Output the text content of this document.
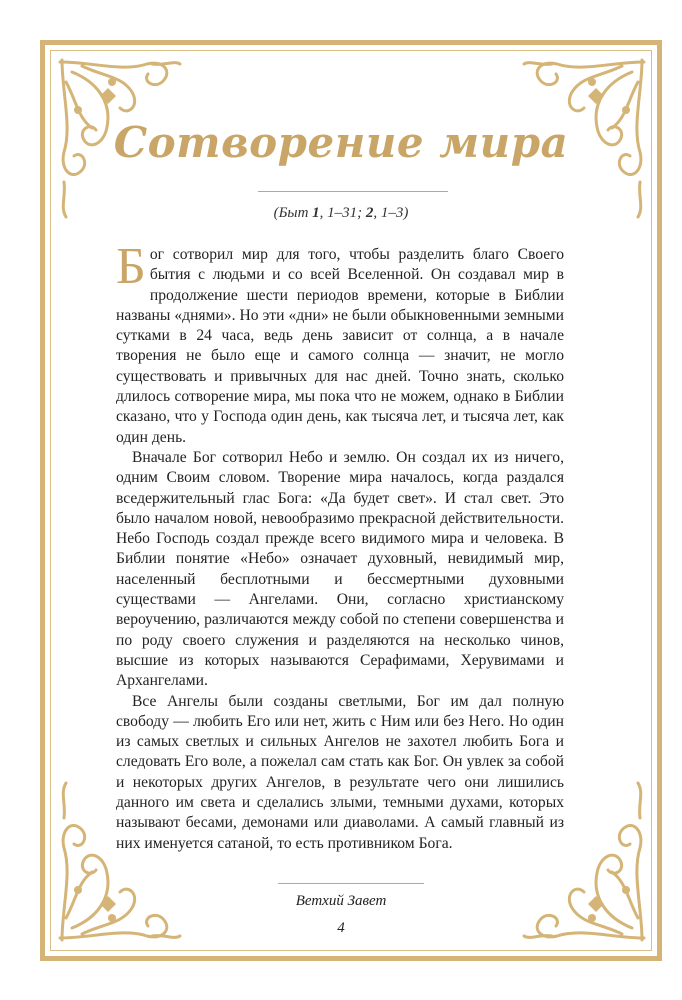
Сотворение мира
(Быт 1, 1–31; 2, 1–3)

Бог сотворил мир для того, чтобы разделить благо Своего бытия с людьми и со всей Вселенной. Он создавал мир в продолжение шести периодов времени, которые в Библии названы «днями». Но эти «дни» не были обыкновенными земными сутками в 24 часа, ведь день зависит от солнца, а в начале творения не было еще и самого солнца — значит, не могло существовать и привычных для нас дней. Точно знать, сколько длилось сотворение мира, мы пока что не можем, однако в Библии сказано, что у Господа один день, как тысяча лет, и тысяча лет, как один день.

Вначале Бог сотворил Небо и землю. Он создал их из ничего, одним Своим словом. Творение мира началось, когда раздался вседержительный глас Бога: «Да будет свет». И стал свет. Это было началом новой, невообразимо прекрасной действительности. Небо Господь создал прежде всего видимого мира и человека. В Библии понятие «Небо» означает духовный, невидимый мир, населенный бесплотными и бессмертными духовными существами — Ангелами. Они, согласно христианскому вероучению, различаются между собой по степени совершенства и по роду своего служения и разделяются на несколько чинов, высшие из которых называются Серафимами, Херувимами и Архангелами.

Все Ангелы были созданы светлыми, Бог им дал полную свободу — любить Его или нет, жить с Ним или без Него. Но один из самых светлых и сильных Ангелов не захотел любить Бога и следовать Его воле, а пожелал сам стать как Бог. Он увлек за собой и некоторых других Ангелов, в результате чего они лишились данного им света и сделались злыми, темными духами, которых называют бесами, демонами или диаволами. А самый главный из них именуется сатаной, то есть противником Бога.

Ветхий Завет
4
